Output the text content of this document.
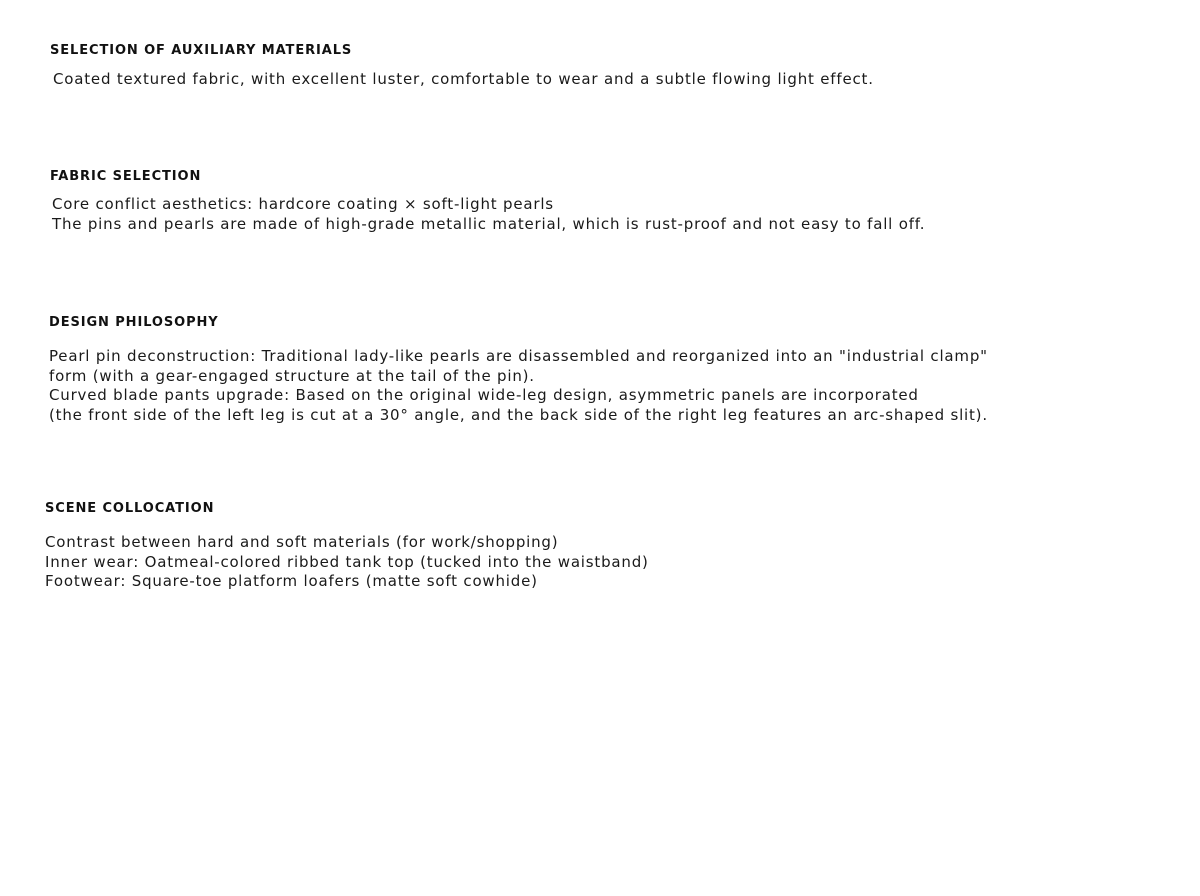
SELECTION OF AUXILIARY MATERIALS
Coated textured fabric, with excellent luster, comfortable to wear and a subtle flowing light effect.
FABRIC SELECTION
Core conflict aesthetics: hardcore coating × soft-light pearls
The pins and pearls are made of high-grade metallic material, which is rust-proof and not easy to fall off.
DESIGN PHILOSOPHY
Pearl pin deconstruction: Traditional lady-like pearls are disassembled and reorganized into an "industrial clamp"
form (with a gear-engaged structure at the tail of the pin).
Curved blade pants upgrade: Based on the original wide-leg design, asymmetric panels are incorporated
(the front side of the left leg is cut at a 30° angle, and the back side of the right leg features an arc-shaped slit).
SCENE COLLOCATION
Contrast between hard and soft materials (for work/shopping)
Inner wear: Oatmeal-colored ribbed tank top (tucked into the waistband)
Footwear: Square-toe platform loafers (matte soft cowhide)
